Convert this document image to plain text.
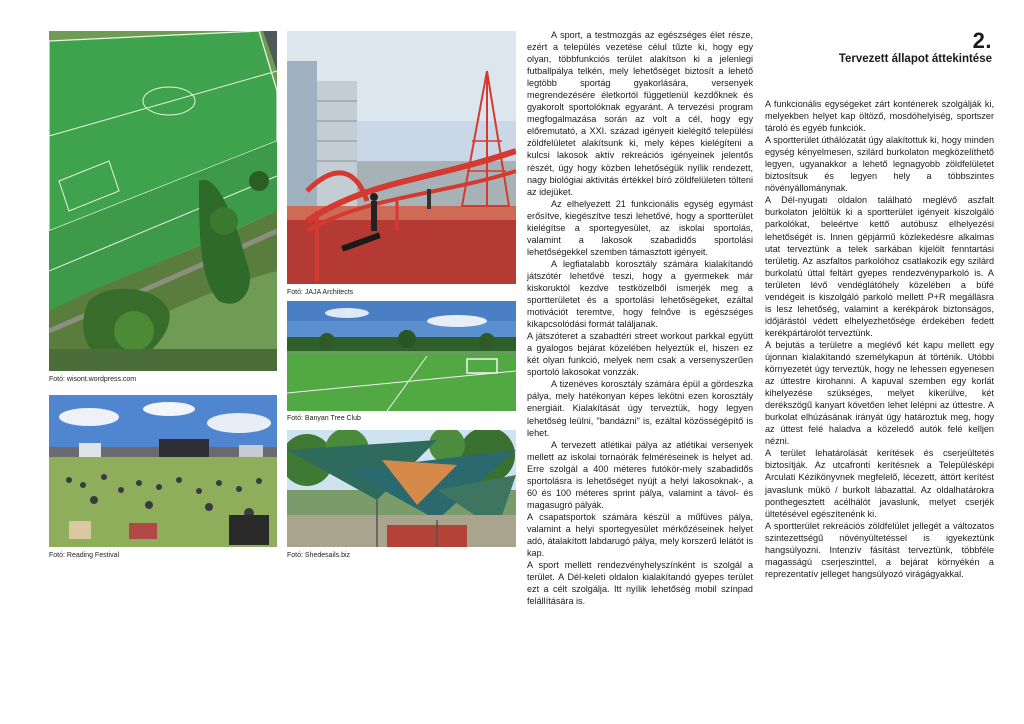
Fotó: wisont.wordpress.com
Fotó: JAJA Architects
Fotó: Banyan Tree Club
Fotó: Reading Festival	Fotó: Shedesails.biz
2.
Tervezett állapot áttekintése

A sport, a testmozgás az egészséges élet része, ezért a település vezetése célul tűzte ki, hogy egy olyan, többfunkciós terület alakítson ki a jelenlegi futballpálya telkén, mely lehetőséget biztosít a lehető legtöbb sportág gyakorlására, versenyek megrendezésére életkortól függetlenül kezdőknek és gyakorolt sportolóknak egyaránt. A tervezési program megfogalmazása során az volt a cél, hogy egy előremutató, a XXI. század igényeit kielégítő települési zöldfelületet alakítsunk ki, mely képes kielégíteni a kulcsi lakosok aktív rekreációs igényeinek jelentős részét, úgy hogy közben lehetőségük nyílik rendezett, nagy biológiai aktivitás értékkel bíró zöldfelületen tölteni az idejüket.

Az elhelyezett 21 funkcionális egység egymást erősítve, kiegészítve teszi lehetővé, hogy a sportterület kielégítse a sportegyesület, az iskolai sportolás, valamint a lakosok szabadidős sportolási lehetőségekkel szemben támasztott igényeit.

A legfiatalabb korosztály számára kialakítandó játszótér lehetővé teszi, hogy a gyermekek már kiskoruktól kezdve testközelből ismerjék meg a sportterületet és a sportolási lehetőségeket, ezáltal motivációt teremtve, hogy felnőve is egészséges kikapcsolódási formát találjanak.

A játszóteret a szabadtéri street workout parkkal együtt a gyalogos bejárat közelében helyeztük el, hiszen ez két olyan funkció, melyek nem csak a versenyszerűen sportoló lakosokat vonzzák.

A tizenéves korosztály számára épül a gördeszka pálya, mely hatékonyan képes lekötni ezen korosztály energiáit. Kialakítását úgy terveztük, hogy legyen lehetőség leülni, "bandázni" is, ezáltal közösségépítő is lehet.

A tervezett atlétikai pálya az atlétikai versenyek mellett az iskolai tornaórák felméréseinek is helyet ad. Erre szolgál a 400 méteres futókör-mely szabadidős sportolásra is lehetőséget nyújt a helyi lakosoknak-, a 60 és 100 méteres sprint pálya, valamint a távol- és magasugró pályák.

A csapatsportok számára készül a műfüves pálya, valamint a helyi sportegyesület mérkőzéseinek helyet adó, átalakított labdarugó pálya, mely korszerű lelátót is kap.

A sport mellett rendezvényhelyszínként is szolgál a terület. A Dél-keleti oldalon kialakítandó gyepes terület ezt a célt szolgálja. Itt nyílik lehetőség mobil színpad felállítására is.

A funkcionális egységeket zárt konténerek szolgálják ki, melyekben helyet kap öltöző, mosdóhelyiség, sportszer tároló és egyéb funkciók.

A sportterület úthálózatát úgy alakítottuk ki, hogy minden egység kényelmesen, szilárd burkolaton megközelíthető legyen, ugyanakkor a lehető legnagyobb zöldfelületet biztosítsuk és legyen hely a többszintes növényállománynak.

A Dél-nyugati oldalon található meglévő aszfalt burkolaton jelöltük ki a sportterület igényeit kiszolgáló parkolókat, beleértve kettő autóbusz elhelyezési lehetőségét is. Innen gépjármű közlekedésre alkalmas utat terveztünk a telek sarkában kijelölt fenntartási területig. Az aszfaltos parkolóhoz csatlakozik egy szilárd burkolatú úttal feltárt gyepes rendezvényparkoló is. A területen lévő vendéglátóhely közelében a büfé vendégeit is kiszolgáló parkoló mellett P+R megállásra is lesz lehetőség, valamint a kerékpárok biztonságos, időjárástól védett elhelyezhetősége érdekében fedett kerékpártárolót terveztünk.

A bejutás a területre a meglévő két kapu mellett egy újonnan kialakítandó személykapun át történik. Utóbbi környezetét úgy terveztük, hogy ne lehessen egyenesen az úttestre kirohanni. A kapuval szemben egy korlát kihelyezése szükséges, melyet kikerülve, két derékszögű kanyart követően lehet lelépni az úttestre. A burkolat elhúzásának irányát úgy határoztuk meg, hogy az úttest felé haladva a közeledő autók felé kelljen nézni.

A terület lehatárolását kerítések és cserjeültetés biztosítják. Az utcafronti kerítésnek a Településképi Arculati Kézikönyvnek megfelelő, lécezett, áttört kerítést javaslunk mükö / burkolt lábazattal. Az oldalhatárokra ponthegesztett acélhálót javaslunk, melyet cserjék ültetésével egészítenénk ki.

A sportterület rekreációs zöldfelület jellegét a változatos szintezettségű növényültetéssel is igyekeztünk hangsúlyozni. Intenzív fásítást terveztünk, többféle magasságú cserjeszinttel, a bejárat környékén a reprezentatív jelleget hangsúlyozó virágágyakkal.
